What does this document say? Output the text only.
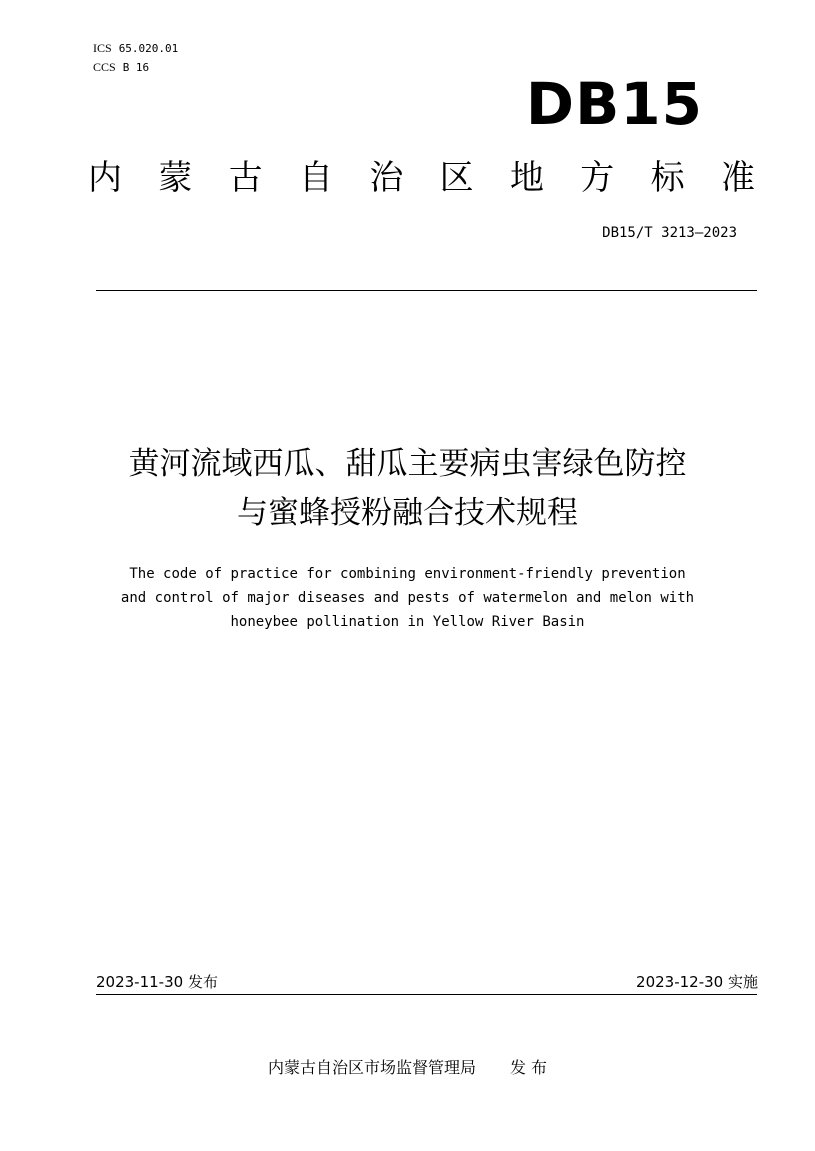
ICS 65.020.01
CCS B 16
DB15
内 蒙 古 自 治 区 地 方 标 准
DB15/T 3213—2023
黄河流域西瓜、甜瓜主要病虫害绿色防控
与蜜蜂授粉融合技术规程
The code of practice for combining environment-friendly prevention
and control of major diseases and pests of watermelon and melon with
honeybee pollination in Yellow River Basin
2023-11-30 发布	2023-12-30 实施
内蒙古自治区市场监督管理局 发 布
